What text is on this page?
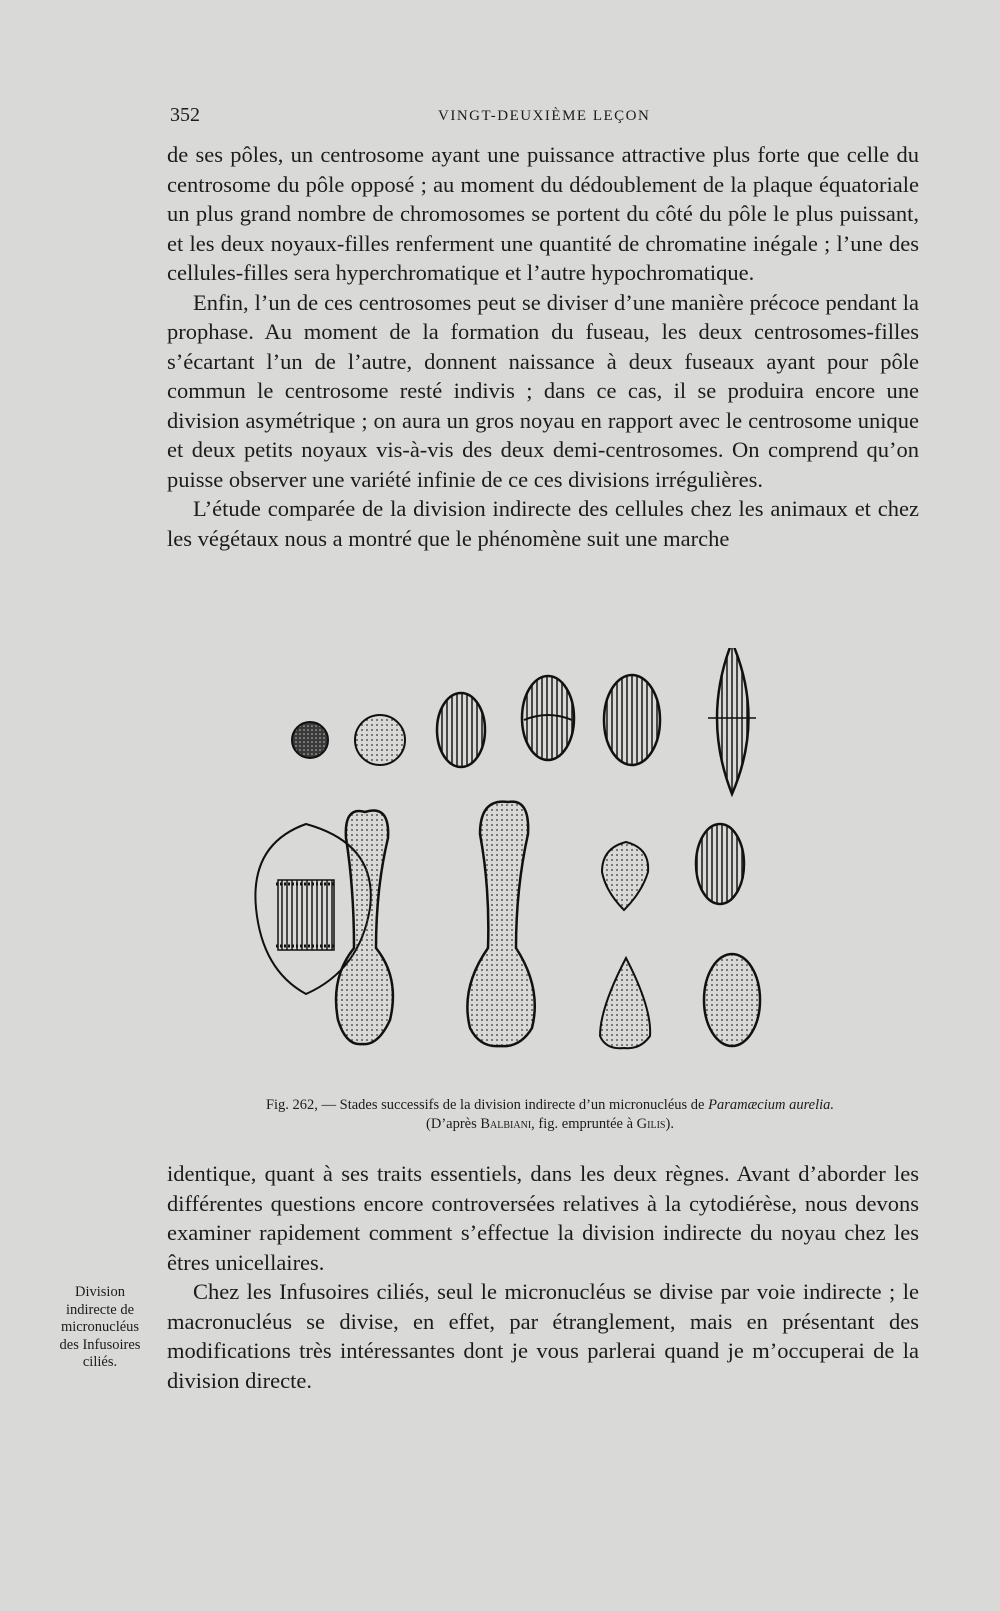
352	VINGT-DEUXIÈME LEÇON

de ses pôles, un centrosome ayant une puissance attractive plus forte que celle du centrosome du pôle opposé ; au moment du dédoublement de la plaque équatoriale un plus grand nombre de chromosomes se portent du côté du pôle le plus puissant, et les deux noyaux-filles renferment une quantité de chromatine inégale ; l’une des cellules-filles sera hyperchromatique et l’autre hypochromatique.

Enfin, l’un de ces centrosomes peut se diviser d’une manière précoce pendant la prophase. Au moment de la formation du fuseau, les deux centrosomes-filles s’écartant l’un de l’autre, donnent naissance à deux fuseaux ayant pour pôle commun le centrosome resté indivis ; dans ce cas, il se produira encore une division asymétrique ; on aura un gros noyau en rapport avec le centrosome unique et deux petits noyaux vis-à-vis des deux demi-centrosomes. On comprend qu’on puisse observer une variété infinie de ce ces divisions irrégulières.

L’étude comparée de la division indirecte des cellules chez les animaux et chez les végétaux nous a montré que le phénomène suit une marche

Fig. 262, — Stades successifs de la division indirecte d’un micronucléus de Paramæcium aurelia. (D’après Balbiani, fig. empruntée à Gilis).

identique, quant à ses traits essentiels, dans les deux règnes. Avant d’aborder les différentes questions encore controversées relatives à la cytodiérèse, nous devons examiner rapidement comment s’effectue la division indirecte du noyau chez les êtres unicellaires.

Chez les Infusoires ciliés, seul le micronucléus se divise par voie indirecte ; le macronucléus se divise, en effet, par étranglement, mais en présentant des modifications très intéressantes dont je vous parlerai quand je m’occuperai de la division directe.

Division
indirecte de
micronucléus
des Infusoires
ciliés.
